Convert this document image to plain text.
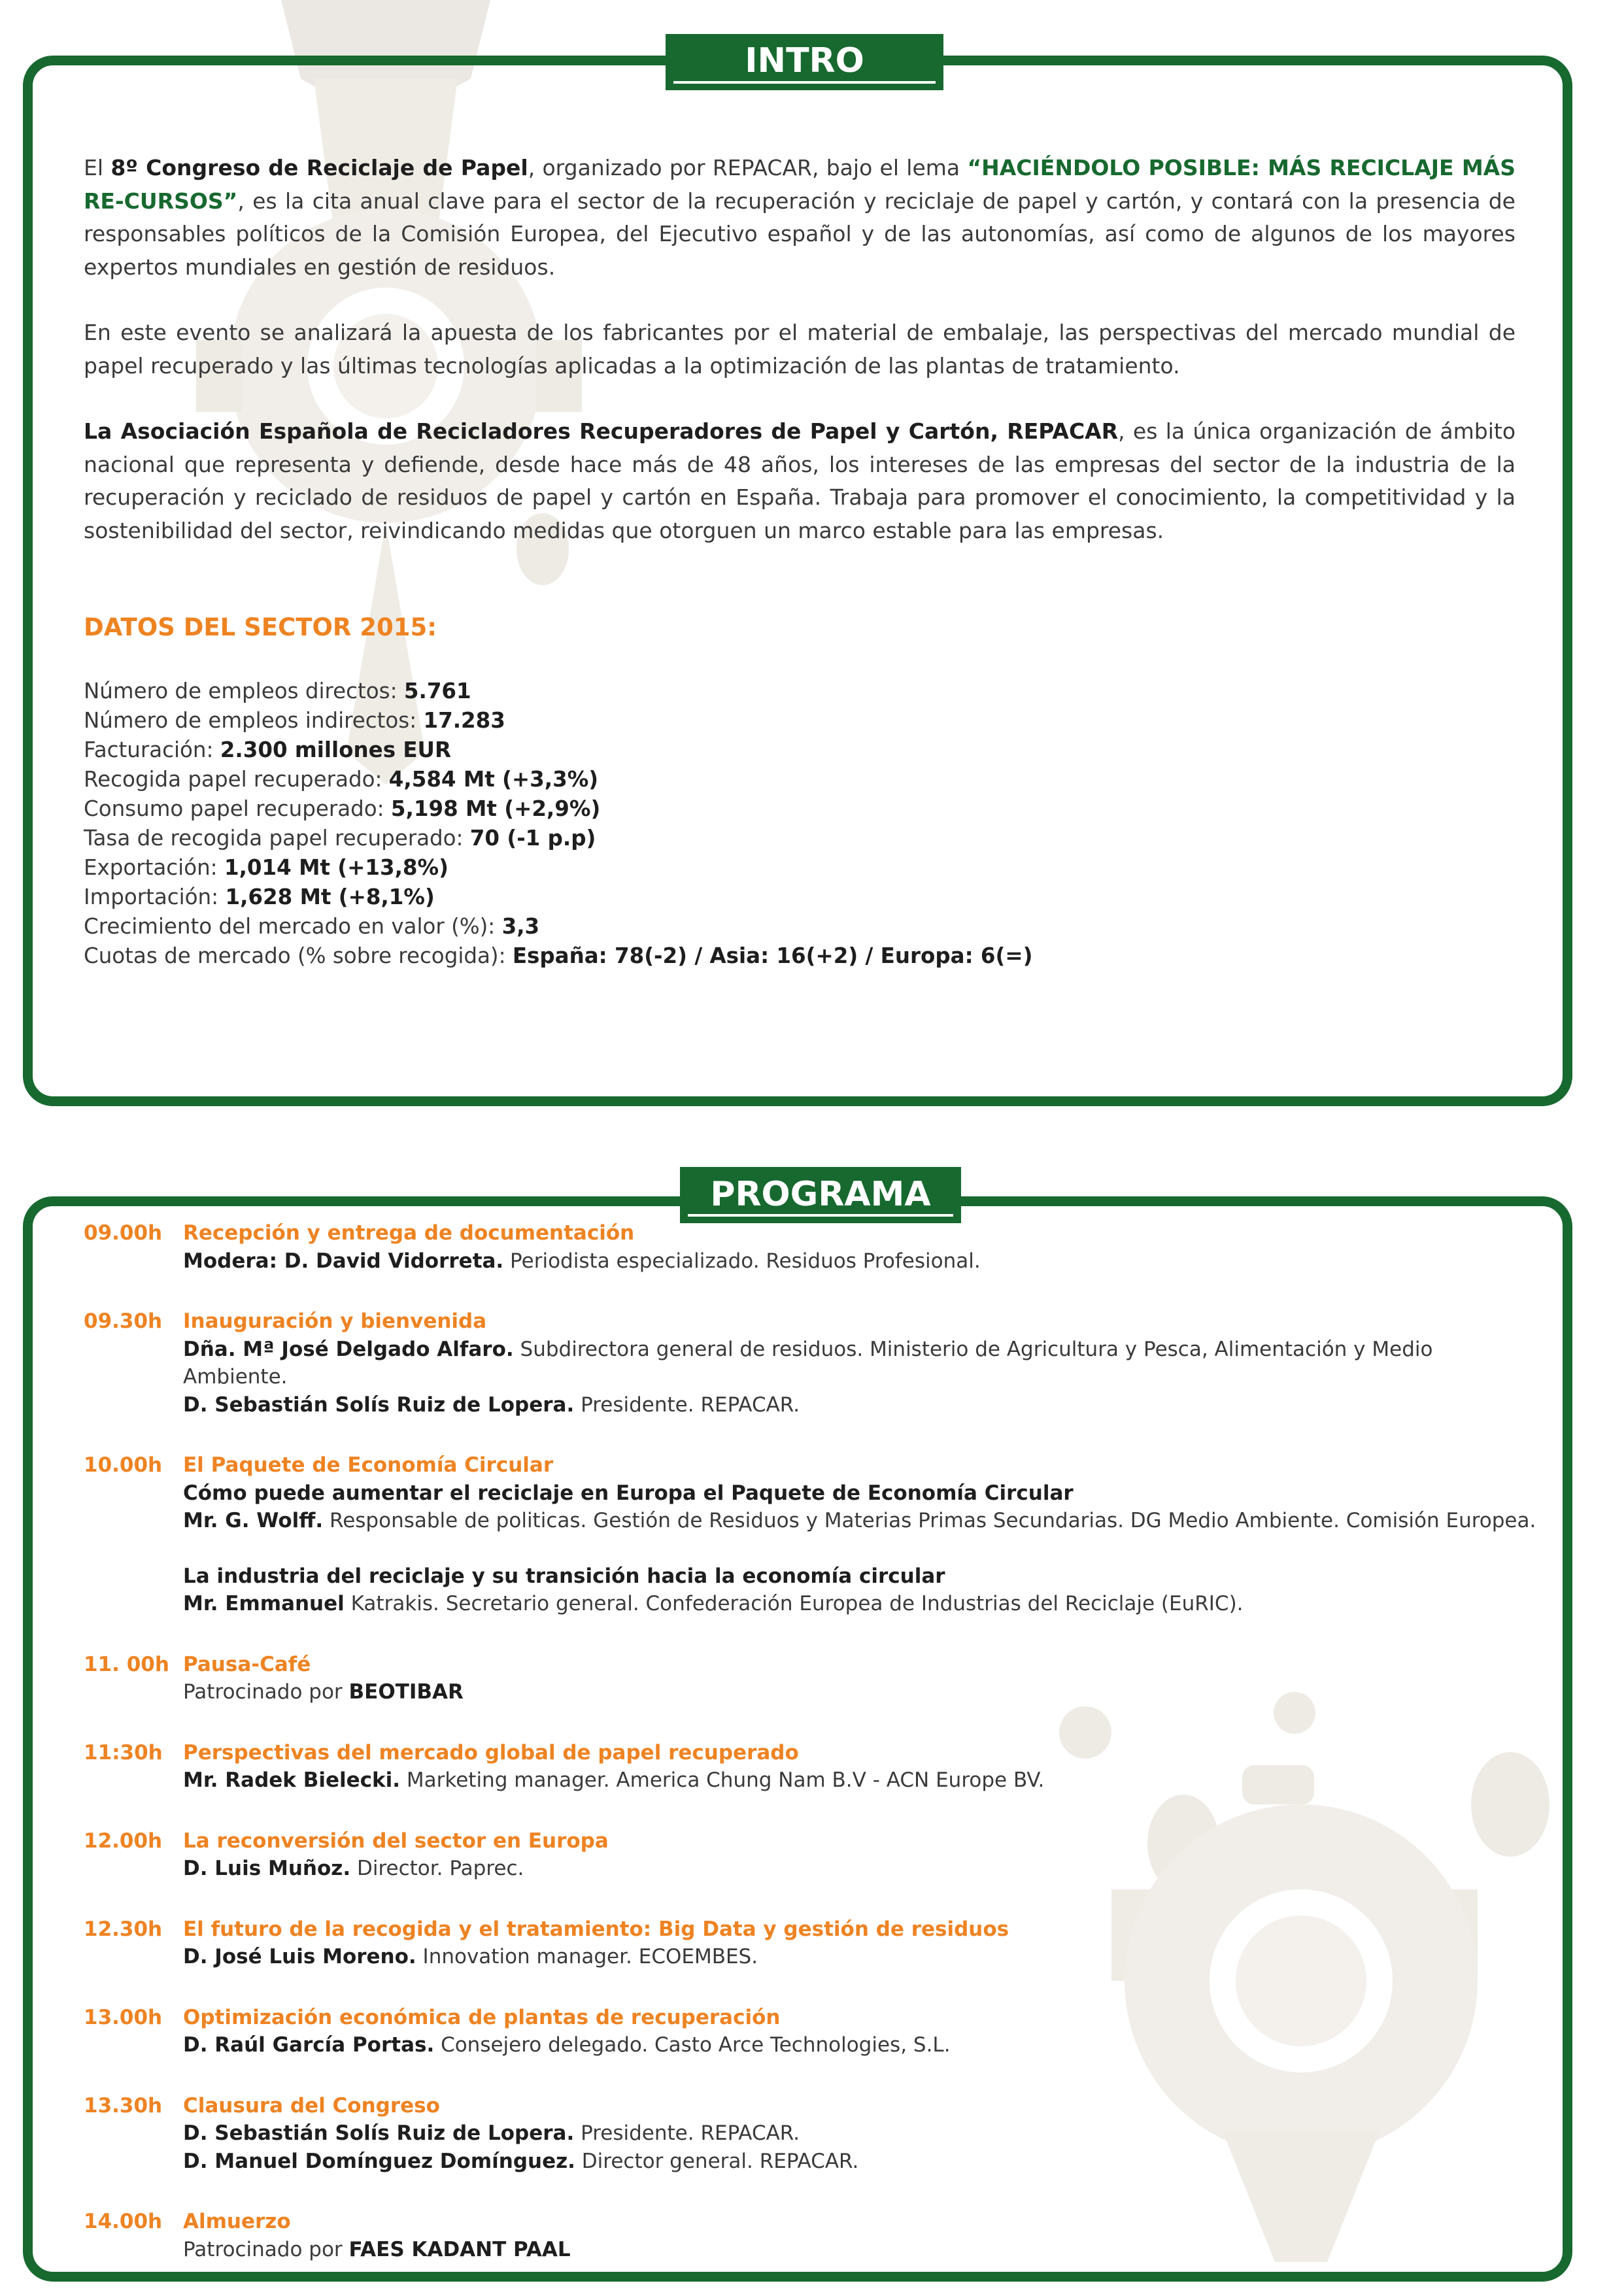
INTRO

El 8º Congreso de Reciclaje de Papel, organizado por REPACAR, bajo el lema “HACIÉNDOLO POSIBLE: MÁS RECICLAJE MÁS RE-CURSOS”, es la cita anual clave para el sector de la recuperación y reciclaje de papel y cartón, y contará con la presencia de responsables políticos de la Comisión Europea, del Ejecutivo español y de las autonomías, así como de algunos de los mayores expertos mundiales en gestión de residuos.

En este evento se analizará la apuesta de los fabricantes por el material de embalaje, las perspectivas del mercado mundial de papel recuperado y las últimas tecnologías aplicadas a la optimización de las plantas de tratamiento.

La Asociación Española de Recicladores Recuperadores de Papel y Cartón, REPACAR, es la única organización de ámbito nacional que representa y defiende, desde hace más de 48 años, los intereses de las empresas del sector de la industria de la recuperación y reciclado de residuos de papel y cartón en España. Trabaja para promover el conocimiento, la competitividad y la sostenibilidad del sector, reivindicando medidas que otorguen un marco estable para las empresas.

DATOS DEL SECTOR 2015:
Número de empleos directos: 5.761
Número de empleos indirectos: 17.283
Facturación: 2.300 millones EUR
Recogida papel recuperado: 4,584 Mt (+3,3%)
Consumo papel recuperado: 5,198 Mt (+2,9%)
Tasa de recogida papel recuperado: 70 (-1 p.p)
Exportación: 1,014 Mt (+13,8%)
Importación: 1,628 Mt (+8,1%)
Crecimiento del mercado en valor (%): 3,3
Cuotas de mercado (% sobre recogida): España: 78(-2) / Asia: 16(+2) / Europa: 6(=)
PROGRAMA
09.00h	Recepción y entrega de documentación
Modera: D. David Vidorreta. Periodista especializado. Residuos Profesional.
09.30h	Inauguración y bienvenida
Dña. Mª José Delgado Alfaro. Subdirectora general de residuos. Ministerio de Agricultura y Pesca, Alimentación y Medio Ambiente.
D. Sebastián Solís Ruiz de Lopera. Presidente. REPACAR.
10.00h	El Paquete de Economía Circular
Cómo puede aumentar el reciclaje en Europa el Paquete de Economía Circular
Mr. G. Wolff. Responsable de politicas. Gestión de Residuos y Materias Primas Secundarias. DG Medio Ambiente. Comisión Europea.
La industria del reciclaje y su transición hacia la economía circular
Mr. Emmanuel Katrakis. Secretario general. Confederación Europea de Industrias del Reciclaje (EuRIC).
11. 00h Pausa-Café
Patrocinado por BEOTIBAR
11:30h	Perspectivas del mercado global de papel recuperado
Mr. Radek Bielecki. Marketing manager. America Chung Nam B.V - ACN Europe BV.
12.00h	La reconversión del sector en Europa
D. Luis Muñoz. Director. Paprec.
12.30h	El futuro de la recogida y el tratamiento: Big Data y gestión de residuos
D. José Luis Moreno. Innovation manager. ECOEMBES.
13.00h	Optimización económica de plantas de recuperación
D. Raúl García Portas. Consejero delegado. Casto Arce Technologies, S.L.
13.30h	Clausura del Congreso
D. Sebastián Solís Ruiz de Lopera. Presidente. REPACAR.
D. Manuel Domínguez Domínguez. Director general. REPACAR.
14.00h	Almuerzo
Patrocinado por FAES KADANT PAAL
